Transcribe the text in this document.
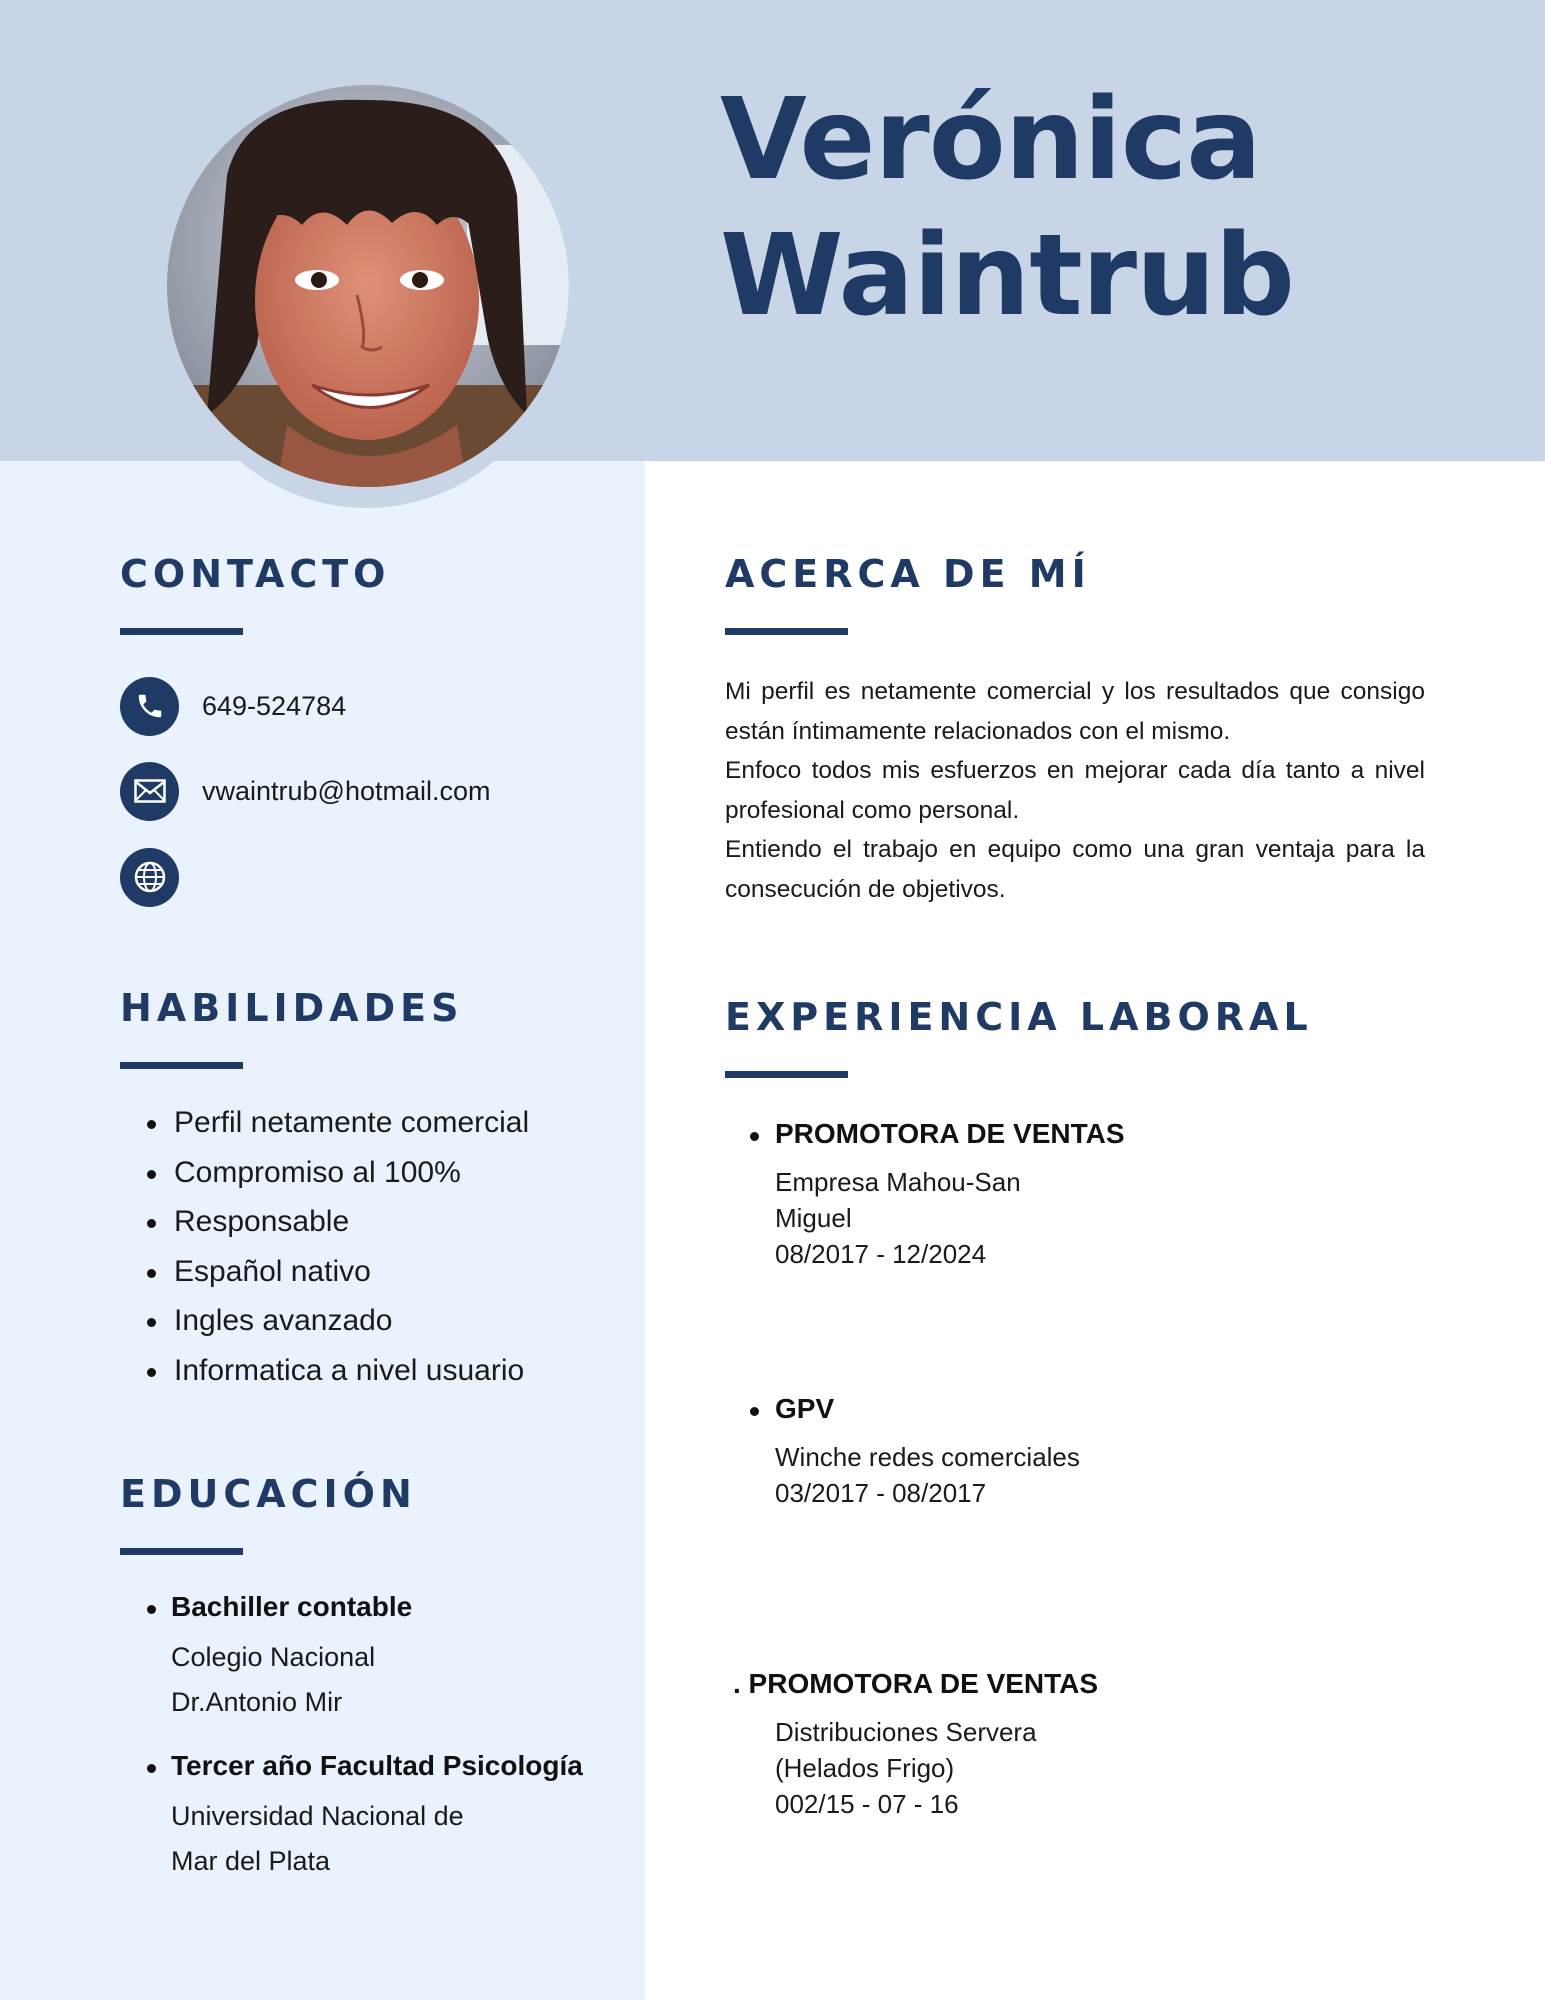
Verónica
Waintrub
CONTACTO
649-524784
vwaintrub@hotmail.com
HABILIDADES
Perfil netamente comercial
Compromiso al 100%
Responsable
Español nativo
Ingles avanzado
Informatica a nivel usuario
EDUCACIÓN
Bachiller contable
Colegio Nacional
Dr.Antonio Mir
Tercer año Facultad Psicología
Universidad Nacional de
Mar del Plata
ACERCA DE MÍ

Mi perfil es netamente comercial y los resultados que consigo están íntimamente relacionados con el mismo.

Enfoco todos mis esfuerzos en mejorar cada día tanto a nivel profesional como personal.

Entiendo el trabajo en equipo como una gran ventaja para la consecución de objetivos.

EXPERIENCIA LABORAL
PROMOTORA DE VENTAS
Empresa Mahou-San
Miguel
08/2017 - 12/2024
GPV
Winche redes comerciales
03/2017 - 08/2017
. PROMOTORA DE VENTAS
Distribuciones Servera
(Helados Frigo)
002/15 - 07 - 16
